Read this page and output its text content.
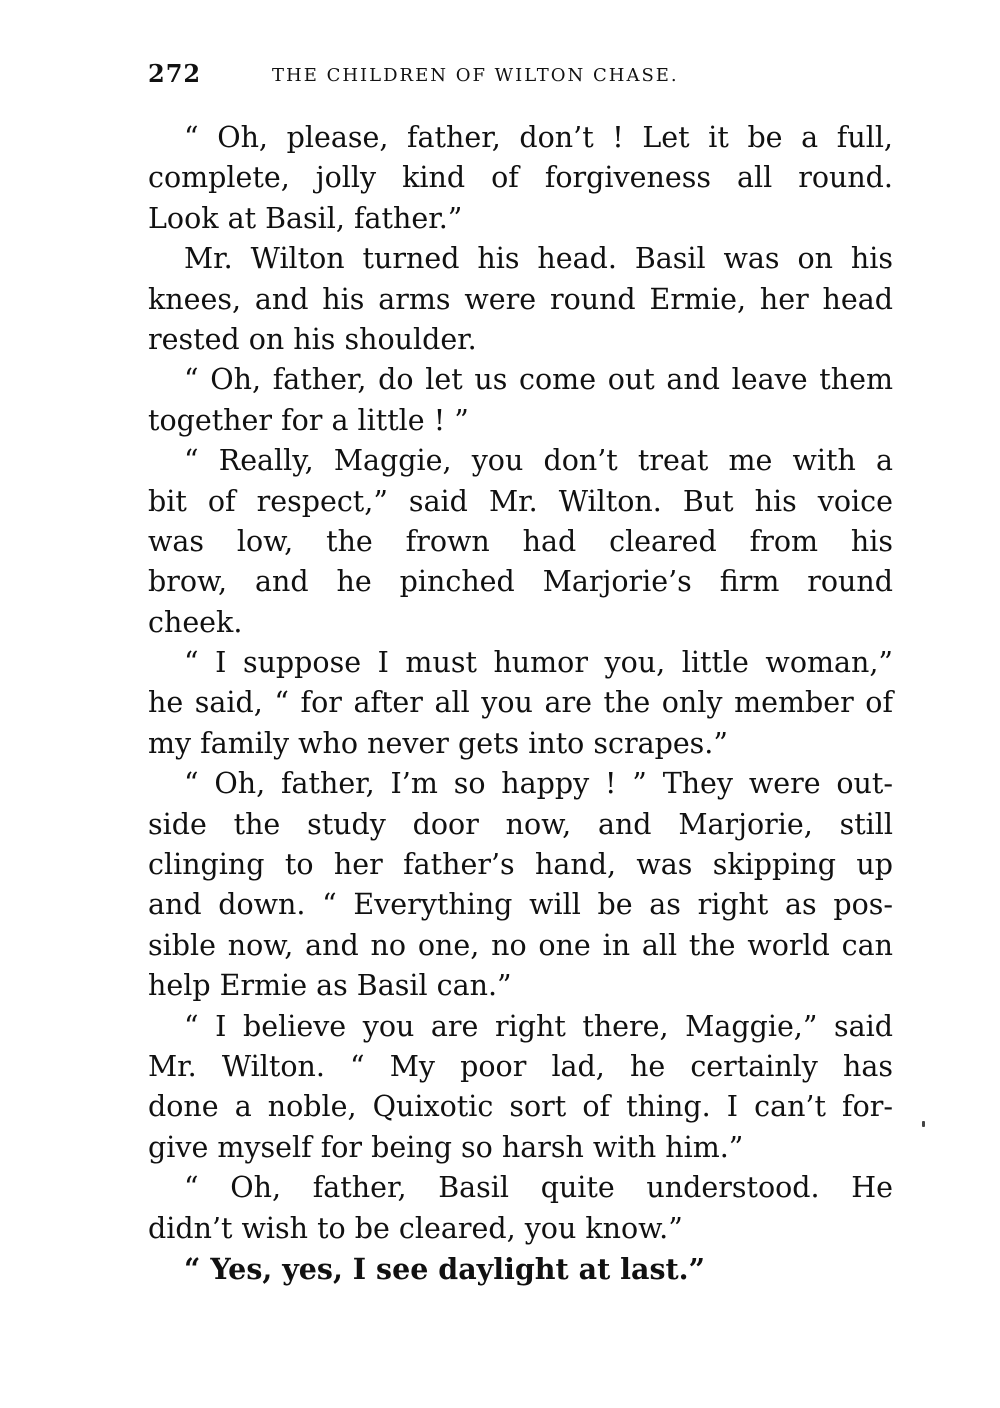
272	THE CHILDREN OF WILTON CHASE.
“ Oh, please, father, don’t ! Let it be a full,
complete, jolly kind of forgiveness all round.
Look at Basil, father.”
Mr. Wilton turned his head. Basil was on his
knees, and his arms were round Ermie, her head
rested on his shoulder.
“ Oh, father, do let us come out and leave them
together for a little ! ”
“ Really, Maggie, you don’t treat me with a
bit of respect,” said Mr. Wilton. But his voice
was low, the frown had cleared from his
brow, and he pinched Marjorie’s firm round
cheek.
“ I suppose I must humor you, little woman,”
he said, “ for after all you are the only member of
my family who never gets into scrapes.”
“ Oh, father, I’m so happy ! ” They were out-
side the study door now, and Marjorie, still
clinging to her father’s hand, was skipping up
and down. “ Everything will be as right as pos-
sible now, and no one, no one in all the world can
help Ermie as Basil can.”
“ I believe you are right there, Maggie,” said
Mr. Wilton. “ My poor lad, he certainly has
done a noble, Quixotic sort of thing. I can’t for-
give myself for being so harsh with him.”
“ Oh, father, Basil quite understood. He
didn’t wish to be cleared, you know.”
“ Yes, yes, I see daylight at last.”
